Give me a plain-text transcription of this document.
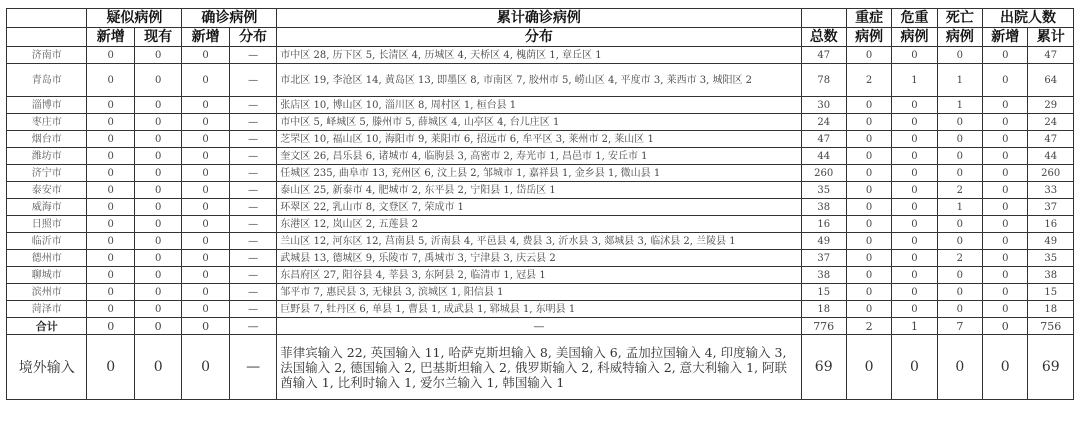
	疑似病例		确诊病例		累计确诊病例		重症	危重	死亡	出院人数	
	新增	现有	新增	分布	分布	总数	病例	病例	病例	新增	累计
济南市	0	0	0	—	市中区 28, 历下区 5, 长清区 4, 历城区 4, 天桥区 4, 槐荫区 1, 章丘区 1	47	0	0	0	0	47
青岛市	0	0	0	—	市北区 19, 李沧区 14, 黄岛区 13, 即墨区 8, 市南区 7, 胶州市 5, 崂山区 4, 平度市 3, 莱西市 3, 城阳区 2	78	2	1	1	0	64
淄博市	0	0	0	—	张店区 10, 博山区 10, 淄川区 8, 周村区 1, 桓台县 1	30	0	0	1	0	29
枣庄市	0	0	0	—	市中区 5, 峄城区 5, 滕州市 5, 薛城区 4, 山亭区 4, 台儿庄区 1	24	0	0	0	0	24
烟台市	0	0	0	—	芝罘区 10, 福山区 10, 海阳市 9, 莱阳市 6, 招远市 6, 牟平区 3, 莱州市 2, 莱山区 1	47	0	0	0	0	47
潍坊市	0	0	0	—	奎文区 26, 昌乐县 6, 诸城市 4, 临朐县 3, 高密市 2, 寿光市 1, 昌邑市 1, 安丘市 1	44	0	0	0	0	44
济宁市	0	0	0	—	任城区 235, 曲阜市 13, 兖州区 6, 汶上县 2, 邹城市 1, 嘉祥县 1, 金乡县 1, 微山县 1	260	0	0	0	0	260
泰安市	0	0	0	—	泰山区 25, 新泰市 4, 肥城市 2, 东平县 2, 宁阳县 1, 岱岳区 1	35	0	0	2	0	33
威海市	0	0	0	—	环翠区 22, 乳山市 8, 文登区 7, 荣成市 1	38	0	0	1	0	37
日照市	0	0	0	—	东港区 12, 岚山区 2, 五莲县 2	16	0	0	0	0	16
临沂市	0	0	0	—	兰山区 12, 河东区 12, 莒南县 5, 沂南县 4, 平邑县 4, 费县 3, 沂水县 3, 郯城县 3, 临沭县 2, 兰陵县 1	49	0	0	0	0	49
德州市	0	0	0	—	武城县 13, 德城区 9, 乐陵市 7, 禹城市 3, 宁津县 3, 庆云县 2	37	0	0	2	0	35
聊城市	0	0	0	—	东昌府区 27, 阳谷县 4, 莘县 3, 东阿县 2, 临清市 1, 冠县 1	38	0	0	0	0	38
滨州市	0	0	0	—	邹平市 7, 惠民县 3, 无棣县 3, 滨城区 1, 阳信县 1	15	0	0	0	0	15
菏泽市	0	0	0	—	巨野县 7, 牡丹区 6, 单县 1, 曹县 1, 成武县 1, 郓城县 1, 东明县 1	18	0	0	0	0	18
合计	0	0	0	—	—	776	2	1	7	0	756
境外输入	0	0	0	—	菲律宾输入 22, 英国输入 11, 哈萨克斯坦输入 8, 美国输入 6, 孟加拉国输入 4, 印度输入 3, 法国输入 2, 德国输入 2, 巴基斯坦输入 2, 俄罗斯输入 2, 科威特输入 2, 意大利输入 1, 阿联酋输入 1, 比利时输入 1, 爱尔兰输入 1, 韩国输入 1	69	0	0	0	0	69
